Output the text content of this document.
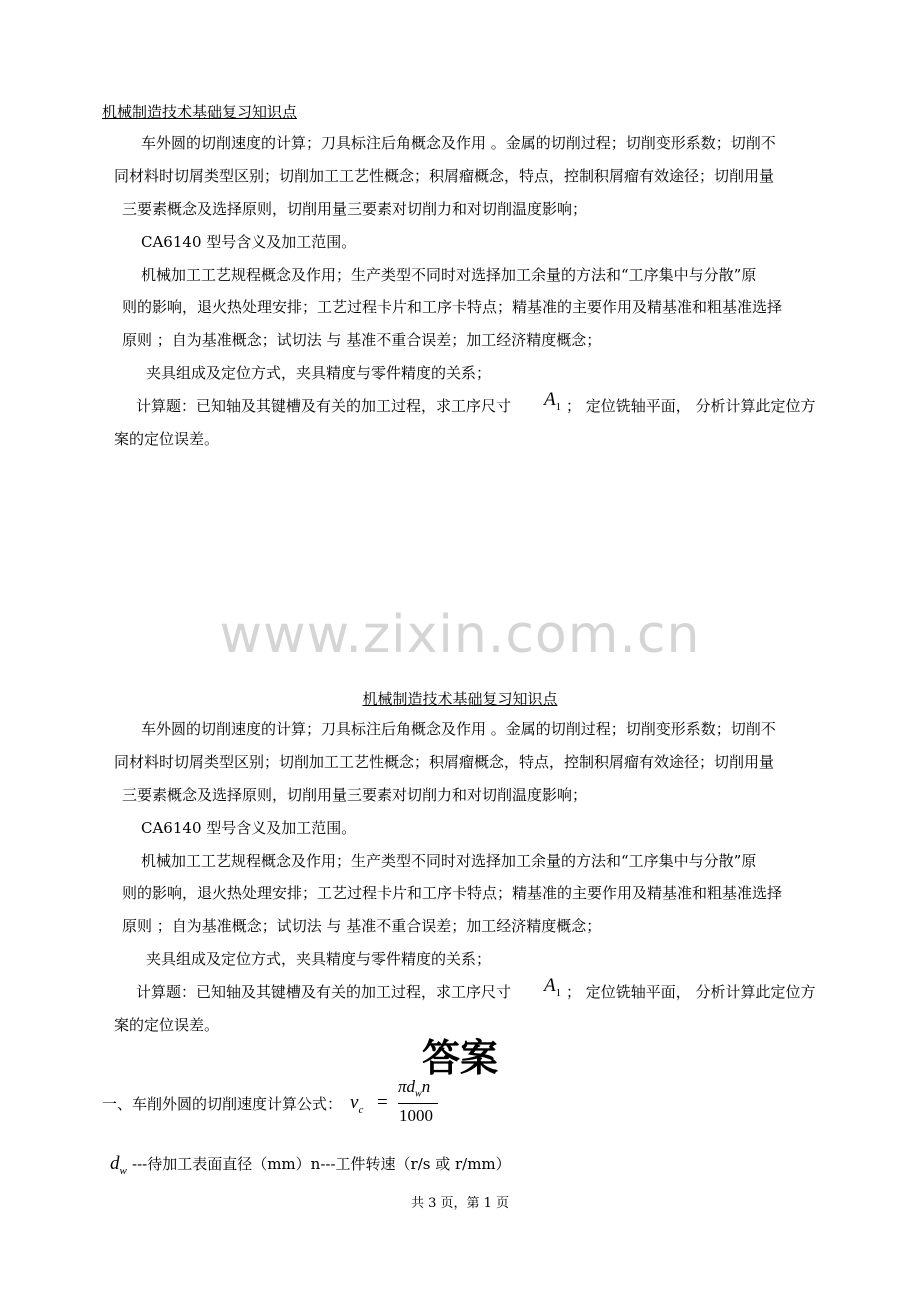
机械制造技术基础复习知识点
车外圆的切削速度的计算；刀具标注后角概念及作用 。金属的切削过程；切削变形系数；切削不
同材料时切屑类型区别；切削加工工艺性概念；积屑瘤概念，特点，控制积屑瘤有效途径；切削用量
三要素概念及选择原则，切削用量三要素对切削力和对切削温度影响；
CA6140 型号含义及加工范围。
机械加工工艺规程概念及作用；生产类型不同时对选择加工余量的方法和“工序集中与分散”原
则的影响，退火热处理安排；工艺过程卡片和工序卡特点；精基准的主要作用及精基准和粗基准选择
原则 ；自为基准概念；试切法 与 基准不重合误差；加工经济精度概念；
夹具组成及定位方式，夹具精度与零件精度的关系；
计算题：已知轴及其键槽及有关的加工过程，求工序尺寸 $A_1$ ； 定位铣轴平面， 分析计算此定位方
案的定位误差。
www.zixin.com.cn
机械制造技术基础复习知识点
车外圆的切削速度的计算；刀具标注后角概念及作用 。金属的切削过程；切削变形系数；切削不
同材料时切屑类型区别；切削加工工艺性概念；积屑瘤概念，特点，控制积屑瘤有效途径；切削用量
三要素概念及选择原则，切削用量三要素对切削力和对切削温度影响；
CA6140 型号含义及加工范围。
机械加工工艺规程概念及作用；生产类型不同时对选择加工余量的方法和“工序集中与分散”原
则的影响，退火热处理安排；工艺过程卡片和工序卡特点；精基准的主要作用及精基准和粗基准选择
原则 ；自为基准概念；试切法 与 基准不重合误差；加工经济精度概念；
夹具组成及定位方式，夹具精度与零件精度的关系；
计算题：已知轴及其键槽及有关的加工过程，求工序尺寸 $A_1$ ； 定位铣轴平面， 分析计算此定位方
案的定位误差。
答案
一、车削外圆的切削速度计算公式： $v_c$ =
$\pi d_wn$
1000
$d_w$ ---待加工表面直径（mm）n---工件转速（r/s 或 r/mm）
共 3 页，第 1 页
